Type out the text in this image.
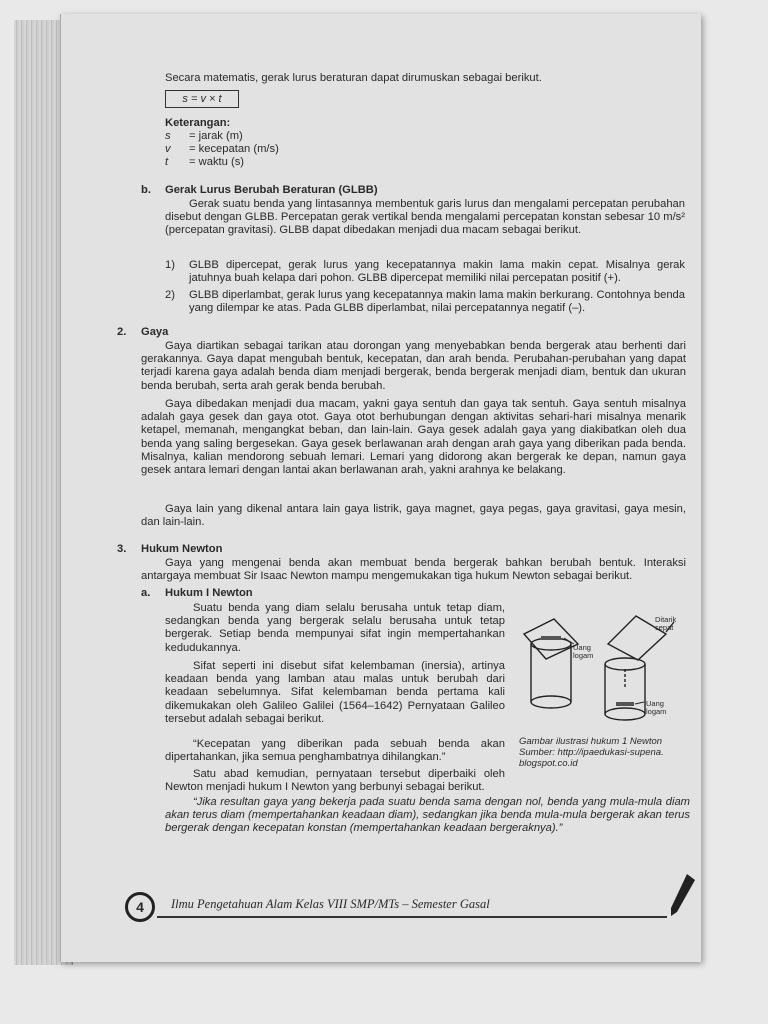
Secara matematis, gerak lurus beraturan dapat dirumuskan sebagai berikut.

s = v × t
Keterangan:
s	= jarak (m)
v	= kecepatan (m/s)
t	= waktu (s)
b. Gerak Lurus Berubah Beraturan (GLBB)

Gerak suatu benda yang lintasannya membentuk garis lurus dan mengalami percepatan perubahan disebut dengan GLBB. Percepatan gerak vertikal benda mengalami percepatan konstan sebesar 10 m/s² (percepatan gravitasi). GLBB dapat dibedakan menjadi dua macam sebagai berikut.

1)	GLBB dipercepat, gerak lurus yang kecepatannya makin lama makin cepat. Misalnya gerak jatuhnya buah kelapa dari pohon. GLBB dipercepat memiliki nilai percepatan positif (+).
2)	GLBB diperlambat, gerak lurus yang kecepatannya makin lama makin berkurang. Contohnya benda yang dilempar ke atas. Pada GLBB diperlambat, nilai percepatannya negatif (–).
2. Gaya

Gaya diartikan sebagai tarikan atau dorongan yang menyebabkan benda bergerak atau berhenti dari gerakannya. Gaya dapat mengubah bentuk, kecepatan, dan arah benda. Perubahan-perubahan yang dapat terjadi karena gaya adalah benda diam menjadi bergerak, benda bergerak menjadi diam, bentuk dan ukuran benda berubah, serta arah gerak benda berubah.

Gaya dibedakan menjadi dua macam, yakni gaya sentuh dan gaya tak sentuh. Gaya sentuh misalnya adalah gaya gesek dan gaya otot. Gaya otot berhubungan dengan aktivitas sehari-hari misalnya menarik ketapel, memanah, mengangkat beban, dan lain-lain. Gaya gesek adalah gaya yang diakibatkan oleh dua benda yang saling bergesekan. Gaya gesek berlawanan arah dengan arah gaya yang diberikan pada benda. Misalnya, kalian mendorong sebuah lemari. Lemari yang didorong akan bergerak ke depan, namun gaya gesek antara lemari dengan lantai akan berlawanan arah, yakni arahnya ke belakang.

Gaya lain yang dikenal antara lain gaya listrik, gaya magnet, gaya pegas, gaya gravitasi, gaya mesin, dan lain-lain.

3. Hukum Newton

Gaya yang mengenai benda akan membuat benda bergerak bahkan berubah bentuk. Interaksi antargaya membuat Sir Isaac Newton mampu mengemukakan tiga hukum Newton sebagai berikut.

a. Hukum I Newton

Suatu benda yang diam selalu berusaha untuk tetap diam, sedangkan benda yang bergerak selalu berusaha untuk tetap bergerak. Setiap benda mempunyai sifat ingin mempertahankan kedudukannya.

Sifat seperti ini disebut sifat kelembaman (inersia), artinya keadaan benda yang lamban atau malas untuk berubah dari keadaan sebelumnya. Sifat kelembaman benda pertama kali dikemukakan oleh Galileo Galilei (1564–1642) Pernyataan Galileo tersebut adalah sebagai berikut.

“Kecepatan yang diberikan pada sebuah benda akan dipertahankan, jika semua penghambatnya dihilangkan.”

Satu abad kemudian, pernyataan tersebut diperbaiki oleh Newton menjadi hukum I Newton yang berbunyi sebagai berikut.

“Jika resultan gaya yang bekerja pada suatu benda sama dengan nol, benda yang mula-mula diam akan terus diam (mempertahankan keadaan diam), sedangkan jika benda mula-mula bergerak akan terus bergerak dengan kecepatan konstan (mempertahankan keadaan bergeraknya).”

Ditarik cepat
Uang logam
Uang logam
Gambar ilustrasi hukum 1 Newton
Sumber: http://ipaedukasi-supena.
blogspot.co.id
4	Ilmu Pengetahuan Alam Kelas VIII SMP/MTs – Semester Gasal
